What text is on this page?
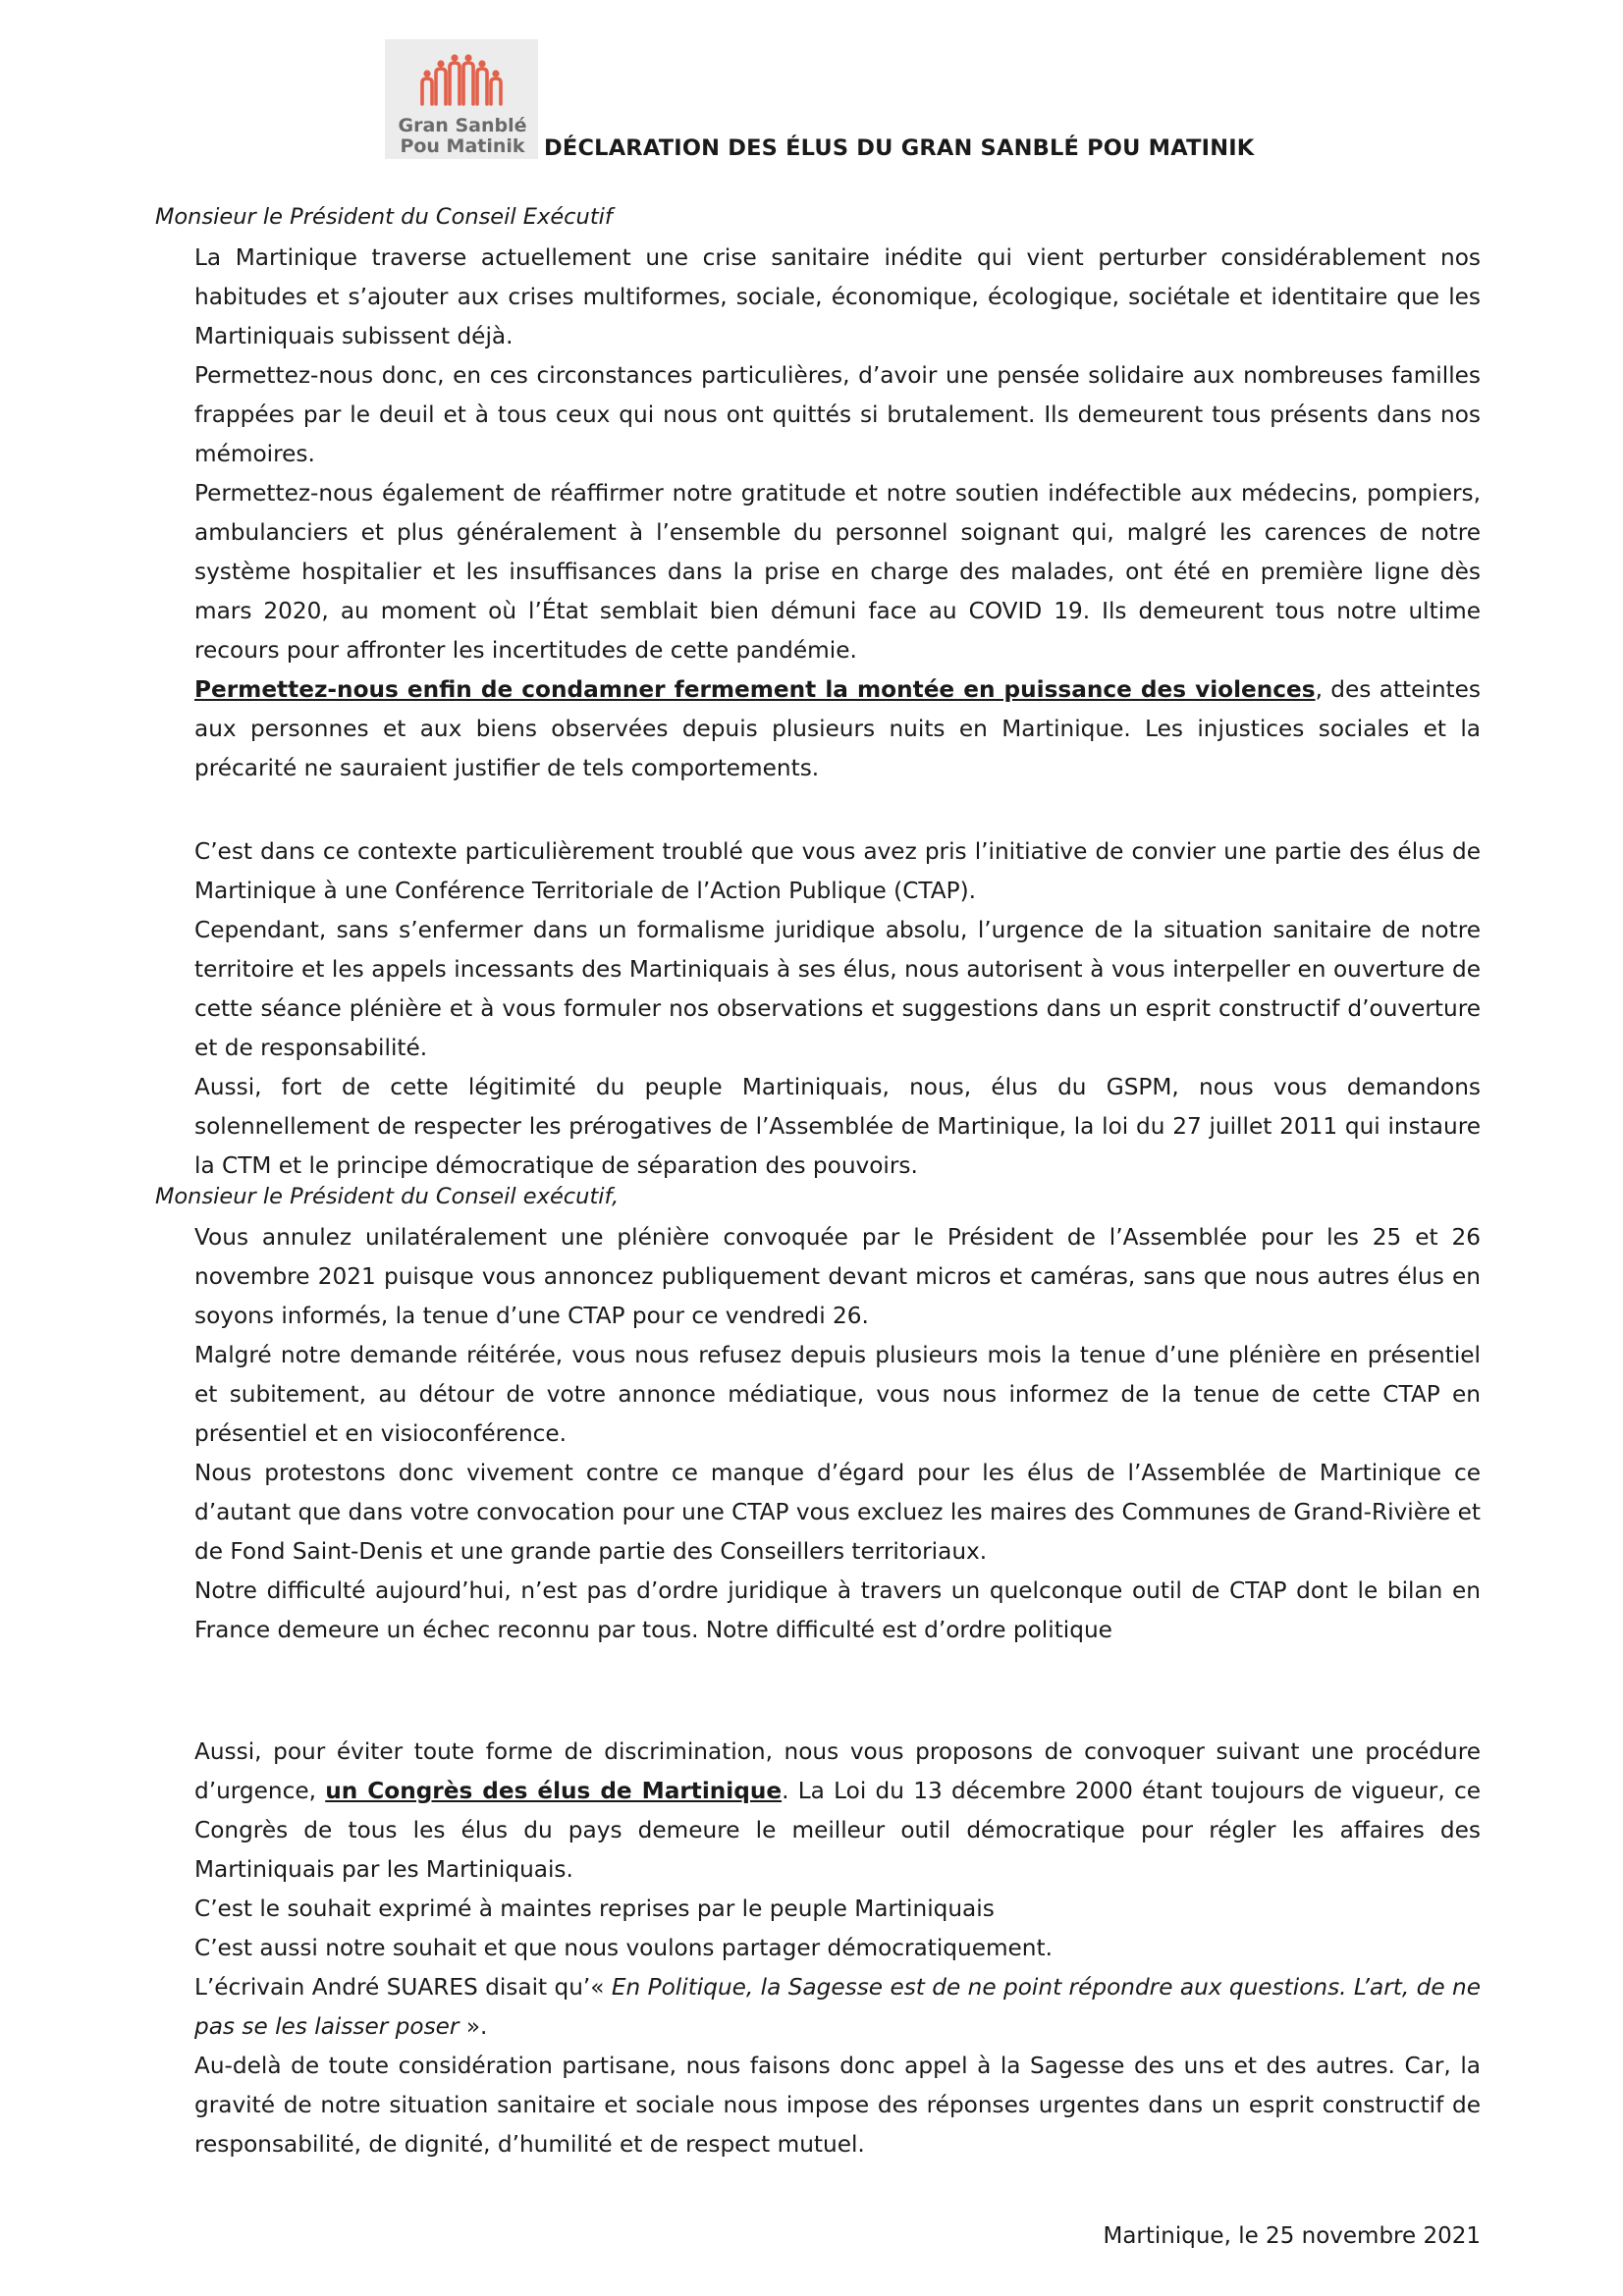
Gran Sanblé
Pou Matinik DÉCLARATION DES ÉLUS DU GRAN SANBLÉ POU MATINIK
Monsieur le Président du Conseil Exécutif

La Martinique traverse actuellement une crise sanitaire inédite qui vient perturber considérablement nos habitudes et s’ajouter aux crises multiformes, sociale, économique, écologique, sociétale et identitaire que les Martiniquais subissent déjà.

Permettez-nous donc, en ces circonstances particulières, d’avoir une pensée solidaire aux nombreuses familles frappées par le deuil et à tous ceux qui nous ont quittés si brutalement. Ils demeurent tous présents dans nos mémoires.

Permettez-nous également de réaffirmer notre gratitude et notre soutien indéfectible aux médecins, pompiers, ambulanciers et plus généralement à l’ensemble du personnel soignant qui, malgré les carences de notre système hospitalier et les insuffisances dans la prise en charge des malades, ont été en première ligne dès mars 2020, au moment où l’État semblait bien démuni face au COVID 19. Ils demeurent tous notre ultime recours pour affronter les incertitudes de cette pandémie.

Permettez-nous enfin de condamner fermement la montée en puissance des violences, des atteintes aux personnes et aux biens observées depuis plusieurs nuits en Martinique. Les injustices sociales et la précarité ne sauraient justifier de tels comportements.

C’est dans ce contexte particulièrement troublé que vous avez pris l’initiative de convier une partie des élus de Martinique à une Conférence Territoriale de l’Action Publique (CTAP).

Cependant, sans s’enfermer dans un formalisme juridique absolu, l’urgence de la situation sanitaire de notre territoire et les appels incessants des Martiniquais à ses élus, nous autorisent à vous interpeller en ouverture de cette séance plénière et à vous formuler nos observations et suggestions dans un esprit constructif d’ouverture et de responsabilité.

Aussi, fort de cette légitimité du peuple Martiniquais, nous, élus du GSPM, nous vous demandons solennellement de respecter les prérogatives de l’Assemblée de Martinique, la loi du 27 juillet 2011 qui instaure la CTM et le principe démocratique de séparation des pouvoirs.

Monsieur le Président du Conseil exécutif,

Vous annulez unilatéralement une plénière convoquée par le Président de l’Assemblée pour les 25 et 26 novembre 2021 puisque vous annoncez publiquement devant micros et caméras, sans que nous autres élus en soyons informés, la tenue d’une CTAP pour ce vendredi 26.

Malgré notre demande réitérée, vous nous refusez depuis plusieurs mois la tenue d’une plénière en présentiel et subitement, au détour de votre annonce médiatique, vous nous informez de la tenue de cette CTAP en présentiel et en visioconférence.

Nous protestons donc vivement contre ce manque d’égard pour les élus de l’Assemblée de Martinique ce d’autant que dans votre convocation pour une CTAP vous excluez les maires des Communes de Grand-Rivière et de Fond Saint-Denis et une grande partie des Conseillers territoriaux.

Notre difficulté aujourd’hui, n’est pas d’ordre juridique à travers un quelconque outil de CTAP dont le bilan en France demeure un échec reconnu par tous. Notre difficulté est d’ordre politique

Aussi, pour éviter toute forme de discrimination, nous vous proposons de convoquer suivant une procédure d’urgence, un Congrès des élus de Martinique. La Loi du 13 décembre 2000 étant toujours de vigueur, ce Congrès de tous les élus du pays demeure le meilleur outil démocratique pour régler les affaires des Martiniquais par les Martiniquais.

C’est le souhait exprimé à maintes reprises par le peuple Martiniquais

C’est aussi notre souhait et que nous voulons partager démocratiquement.

L’écrivain André SUARES disait qu’« En Politique, la Sagesse est de ne point répondre aux questions. L’art, de ne pas se les laisser poser ».

Au-delà de toute considération partisane, nous faisons donc appel à la Sagesse des uns et des autres. Car, la gravité de notre situation sanitaire et sociale nous impose des réponses urgentes dans un esprit constructif de responsabilité, de dignité, d’humilité et de respect mutuel.

Martinique, le 25 novembre 2021
